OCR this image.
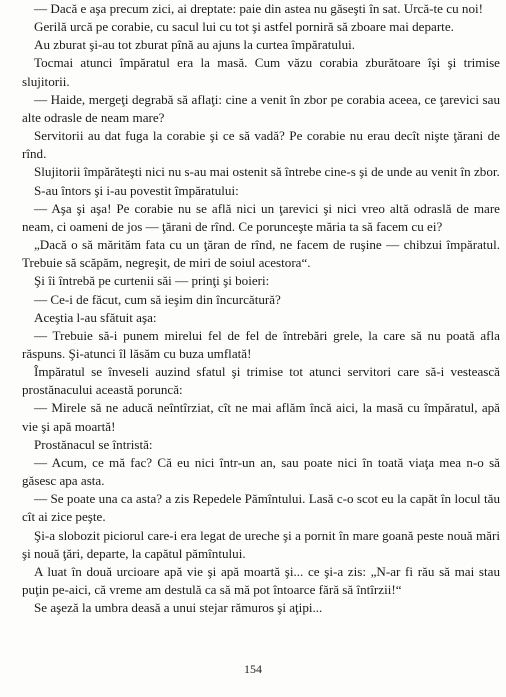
— Dacă e aşa precum zici, ai dreptate: paie din astea nu găseşti în sat. Urcă-te cu noi!

Gerilă urcă pe corabie, cu sacul lui cu tot şi astfel porniră să zboare mai departe.

Au zburat şi-au tot zburat pînă au ajuns la curtea împăratului.

Tocmai atunci împăratul era la masă. Cum văzu corabia zburătoare îşi şi trimise slujitorii.

— Haide, mergeţi degrabă să aflaţi: cine a venit în zbor pe corabia aceea, ce ţarevici sau alte odrasle de neam mare?

Servitorii au dat fuga la corabie şi ce să vadă? Pe corabie nu erau decît nişte ţărani de rînd.

Slujitorii împărăteşti nici nu s-au mai ostenit să întrebe cine-s şi de unde au venit în zbor.

S-au întors şi i-au povestit împăratului:

— Aşa şi aşa! Pe corabie nu se află nici un ţarevici şi nici vreo altă odraslă de mare neam, ci oameni de jos — ţărani de rînd. Ce porunceşte măria ta să facem cu ei?

„Dacă o să mărităm fata cu un ţăran de rînd, ne facem de ruşine — chibzui împăratul. Trebuie să scăpăm, negreşit, de miri de soiul acestora“.

Şi îi întrebă pe curtenii săi — prinţi şi boieri:

— Ce-i de făcut, cum să ieşim din încurcătură?

Aceştia l-au sfătuit aşa:

— Trebuie să-i punem mirelui fel de fel de întrebări grele, la care să nu poată afla răspuns. Şi-atunci îl lăsăm cu buza umflată!

Împăratul se înveseli auzind sfatul şi trimise tot atunci servitori care să-i vestească prostănacului această poruncă:

— Mirele să ne aducă neîntîrziat, cît ne mai aflăm încă aici, la masă cu împăratul, apă vie şi apă moartă!

Prostănacul se întristă:

— Acum, ce mă fac? Că eu nici într-un an, sau poate nici în toată viaţa mea n-o să găsesc apa asta.

— Se poate una ca asta? a zis Repedele Pămîntului. Lasă c-o scot eu la capăt în locul tău cît ai zice peşte.

Şi-a slobozit piciorul care-i era legat de ureche şi a pornit în mare goană peste nouă mări şi nouă ţări, departe, la capătul pămîntului.

A luat în două urcioare apă vie şi apă moartă şi... ce şi-a zis: „N-ar fi rău să mai stau puţin pe-aici, că vreme am destulă ca să mă pot întoarce fără să întîrzii!“

Se aşeză la umbra deasă a unui stejar rămuros şi aţipi...

154
